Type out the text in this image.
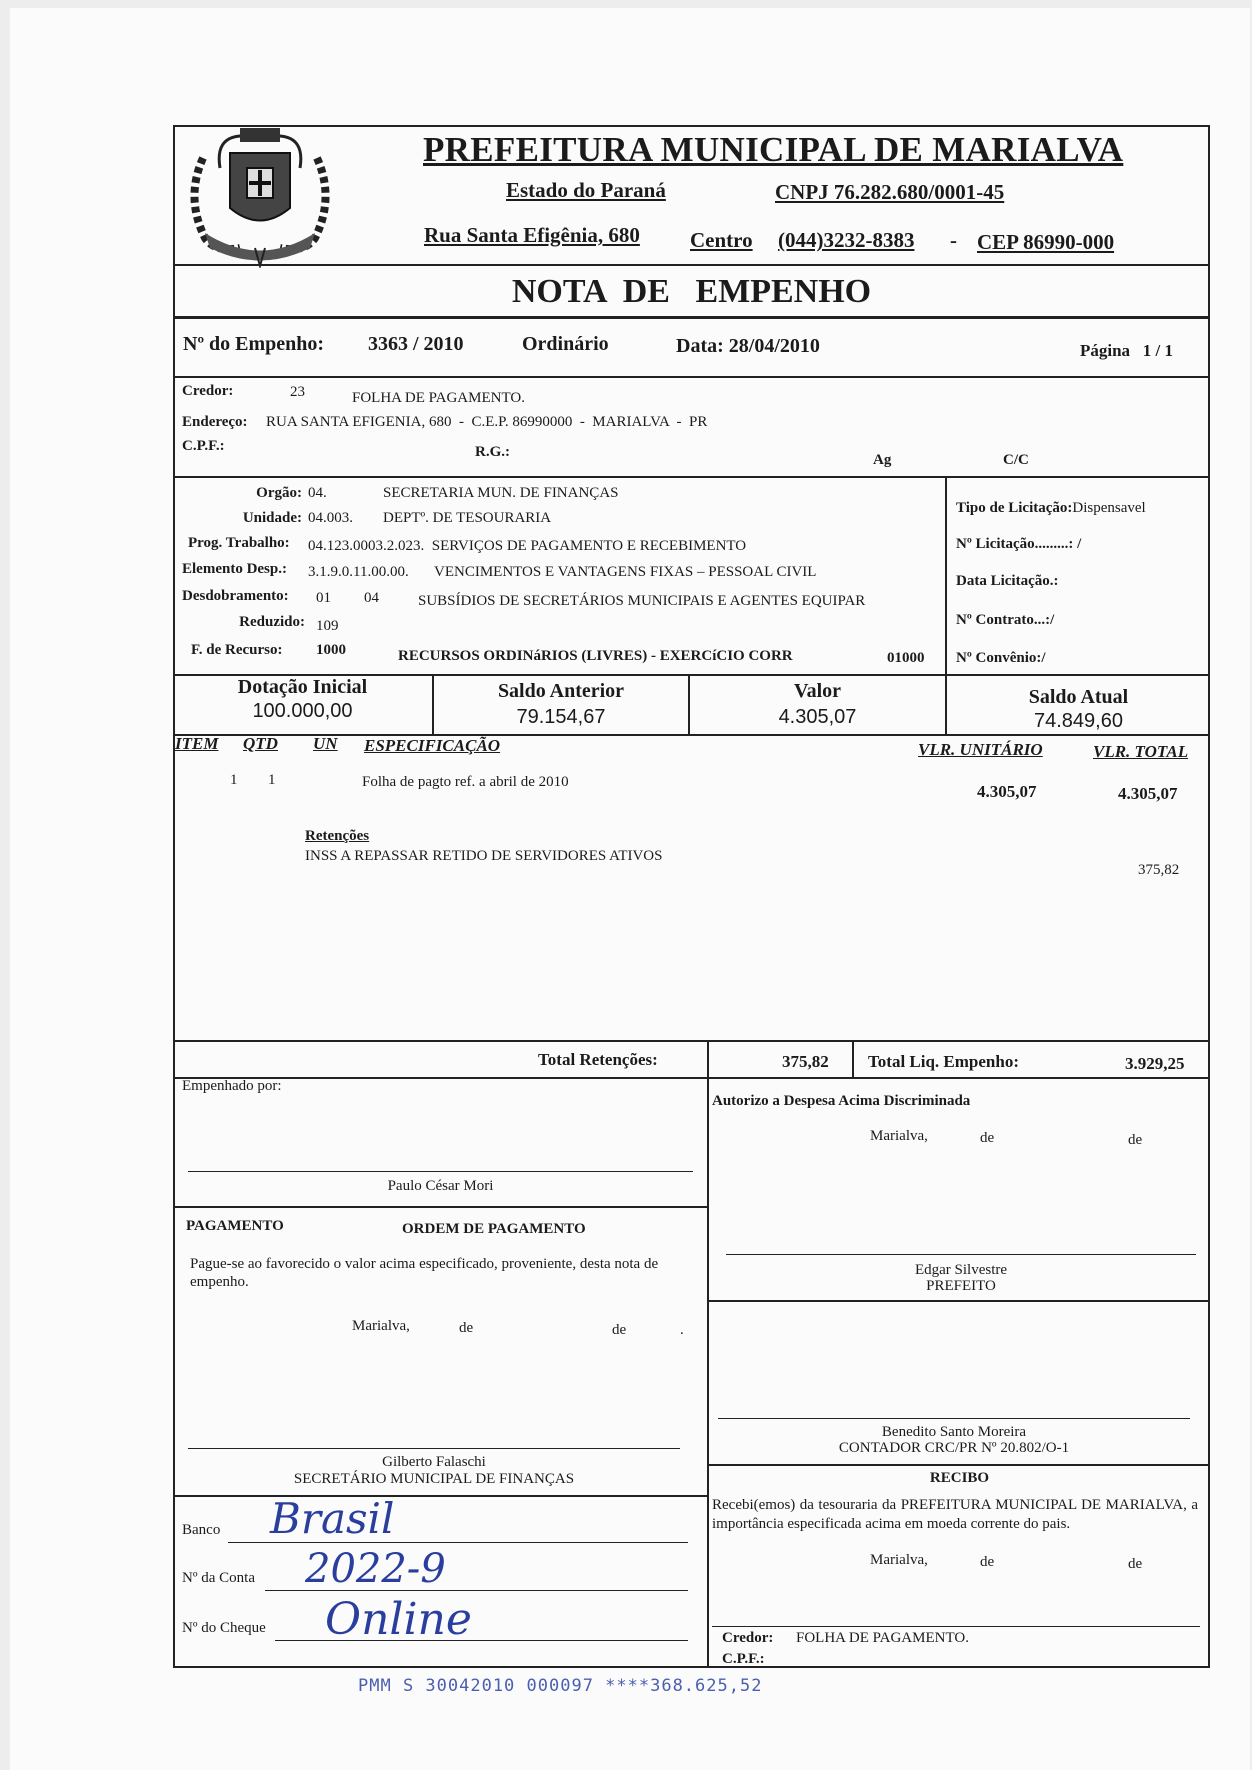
PREFEITURA MUNICIPAL DE MARIALVA
Estado do Paraná	CNPJ 76.282.680/0001-45
Rua Santa Efigênia, 680 Centro (044)3232-8383 - CEP 86990-000
NOTA  DE   EMPENHO
Nº do Empenho: 3363 / 2010	Ordinário	Data: 28/04/2010	Página   1 / 1
Credor:	23	FOLHA DE PAGAMENTO.
Endereço: RUA SANTA EFIGENIA, 680  -  C.E.P. 86990000  -  MARIALVA  -  PR
C.P.F.:	R.G.:	Ag	C/C
Orgão: 04.	SECRETARIA MUN. DE FINANÇAS
Unidade: 04.003. DEPTº. DE TESOURARIA
Prog. Trabalho: 04.123.0003.2.023.  SERVIÇOS DE PAGAMENTO E RECEBIMENTO
Elemento Desp.: 3.1.9.0.11.00.00. VENCIMENTOS E VANTAGENS FIXAS – PESSOAL CIVIL
Desdobramento: 01 04	SUBSÍDIOS DE SECRETÁRIOS MUNICIPAIS E AGENTES EQUIPAR
Reduzido: 109
F. de Recurso: 1000	RECURSOS ORDINáRIOS (LIVRES) - EXERCíCIO CORR	01000
Tipo de Licitação:Dispensavel
Nº Licitação.........: /
Data Licitação.:
Nº Contrato...:/
Nº Convênio:/
Dotação Inicial
100.000,00
Saldo Anterior
79.154,67
Valor
4.305,07
Saldo Atual
74.849,60
ITEM QTD UN ESPECIFICAÇÃO	VLR. UNITÁRIO	VLR. TOTAL
1 1	Folha de pagto ref. a abril de 2010	4.305,07	4.305,07
Retenções
INSS A REPASSAR RETIDO DE SERVIDORES ATIVOS
375,82
Total Retenções:	375,82 Total Liq. Empenho:	3.929,25
Empenhado por:
Paulo César Mori
Autorizo a Despesa Acima Discriminada
Marialva,	de	de
Edgar Silvestre
PREFEITO
PAGAMENTO	ORDEM DE PAGAMENTO
Pague-se ao favorecido o valor acima especificado, proveniente, desta nota de empenho.
Marialva,	de	de	.
Gilberto Falaschi
SECRETÁRIO MUNICIPAL DE FINANÇAS
Benedito Santo Moreira
CONTADOR CRC/PR Nº 20.802/O-1
RECIBO
Recebi(emos) da tesouraria da PREFEITURA MUNICIPAL DE MARIALVA, a importância especificada acima em moeda corrente do pais.
Marialva,	de	de
Credor: FOLHA DE PAGAMENTO.
C.P.F.:
Banco Brasil
Nº da Conta 2022-9
Nº do Cheque Online
PMM S 30042010 000097 ****368.625,52
